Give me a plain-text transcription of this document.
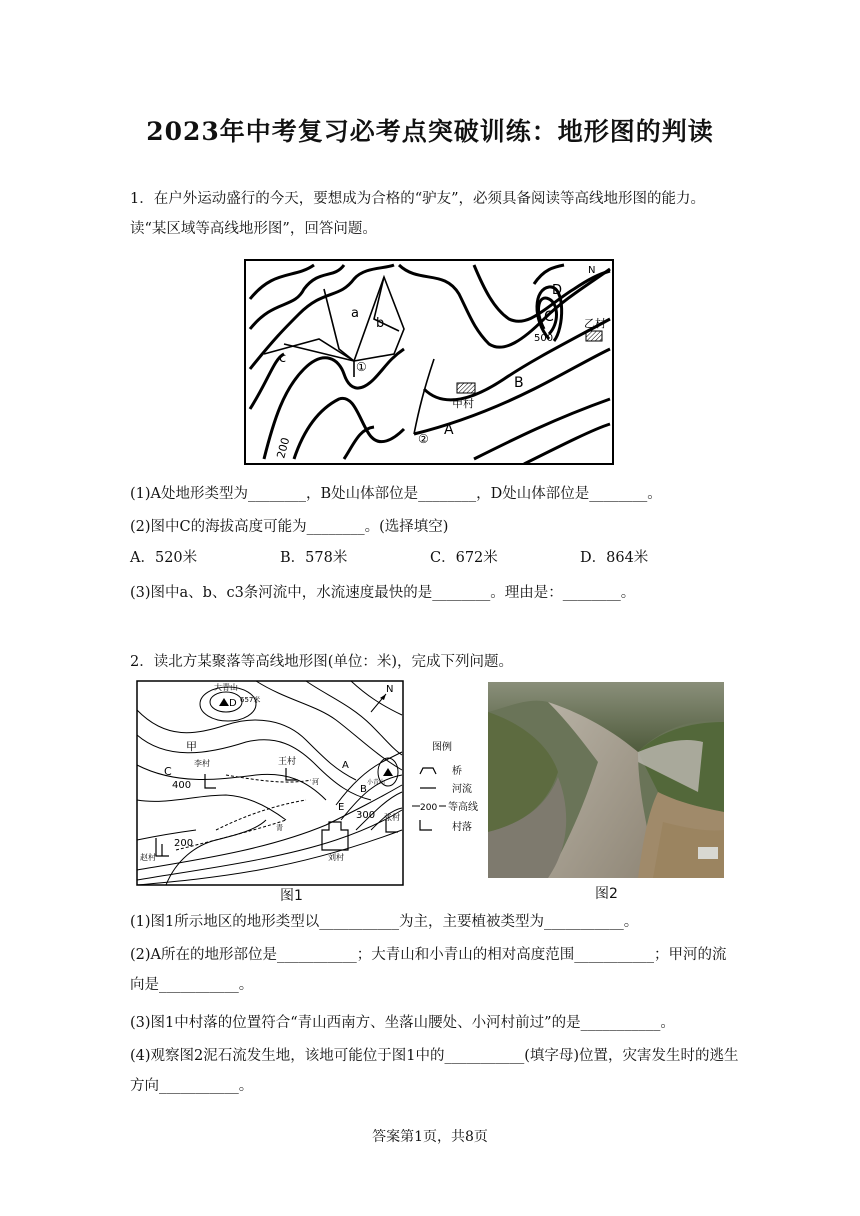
2023年中考复习必考点突破训练：地形图的判读
1．在户外运动盛行的今天，要想成为合格的“驴友”，必须具备阅读等高线地形图的能力。读“某区域等高线地形图”，回答问题。
N
a
b
c
D
C
500
200
乙村
甲村
A
B
①
②
(1)A处地形类型为________，B处山体部位是________，D处山体部位是________。
(2)图中C的海拔高度可能为________。(选择填空)
A．520米	B．578米	C．672米	D．864米
(3)图中a、b、c3条河流中，水流速度最快的是________。理由是：________。
2．读北方某聚落等高线地形图(单位：米)，完成下列问题。
大青山
D 657米
甲
C
400
李村	王村
河
青
200
赵村	刘村
A
B
E
300 张村
小青山
N
图例
桥
河流
200 等高线
村落
图1	图2
(1)图1所示地区的地形类型以___________为主，主要植被类型为___________。
(2)A所在的地形部位是___________；大青山和小青山的相对高度范围___________；甲河的流向是___________。
(3)图1中村落的位置符合“青山西南方、坐落山腰处、小河村前过”的是___________。
(4)观察图2泥石流发生地，该地可能位于图1中的___________(填字母)位置，灾害发生时的逃生方向___________。
答案第1页，共8页
